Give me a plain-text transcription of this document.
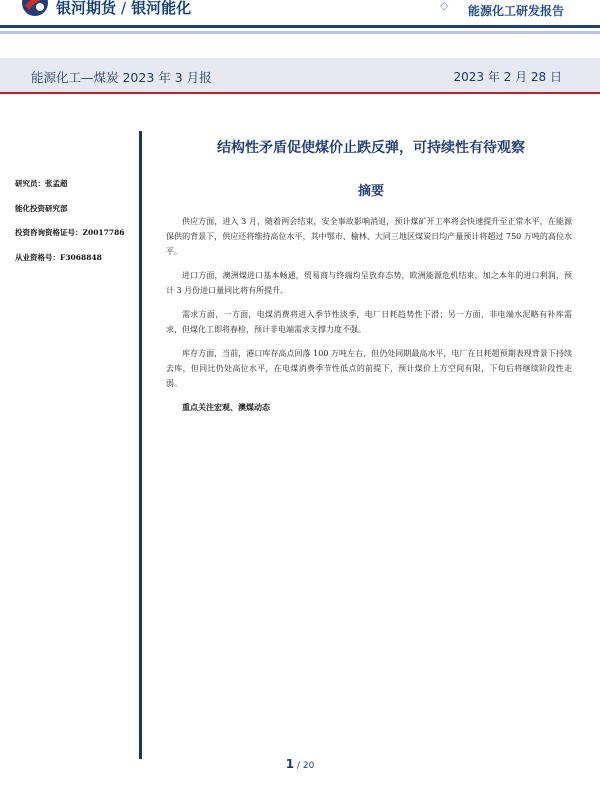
银河期货 / 银河能化	◇ 能源化工研发报告
能源化工—煤炭 2023 年 3 月报	2023 年 2 月 28 日
研究员：张孟超
能化投资研究部
投资咨询资格证号：Z0017786
从业资格号：F3068848
结构性矛盾促使煤价止跌反弹，可持续性有待观察
摘要

供应方面，进入 3 月，随着两会结束，安全事故影响消退，预计煤矿开工率将会快速提升至正常水平，在能源保供的背景下，供应还将维持高位水平，其中鄂市、榆林、大同三地区煤炭日均产量预计将超过 750 万吨的高位水平。

进口方面，澳洲煤进口基本畅通，贸易商与终端均呈放弃态势，欧洲能源危机结束，加之本年的进口利润，预计 3 月份进口量同比将有所提升。

需求方面，一方面，电煤消费将进入季节性淡季，电厂日耗趋势性下滑；另一方面，非电端水泥略有补库需求，但煤化工即将春检，预计非电端需求支撑力度不强。

库存方面，当前，港口库存高点回落 100 万吨左右，但仍处同期最高水平，电厂在日耗超预期表现背景下持续去库，但同比仍处高位水平，在电煤消费季节性低点的前提下，预计煤价上方空间有限，下旬后将继续阶段性走弱。

重点关注宏观、澳煤动态

1 / 20
